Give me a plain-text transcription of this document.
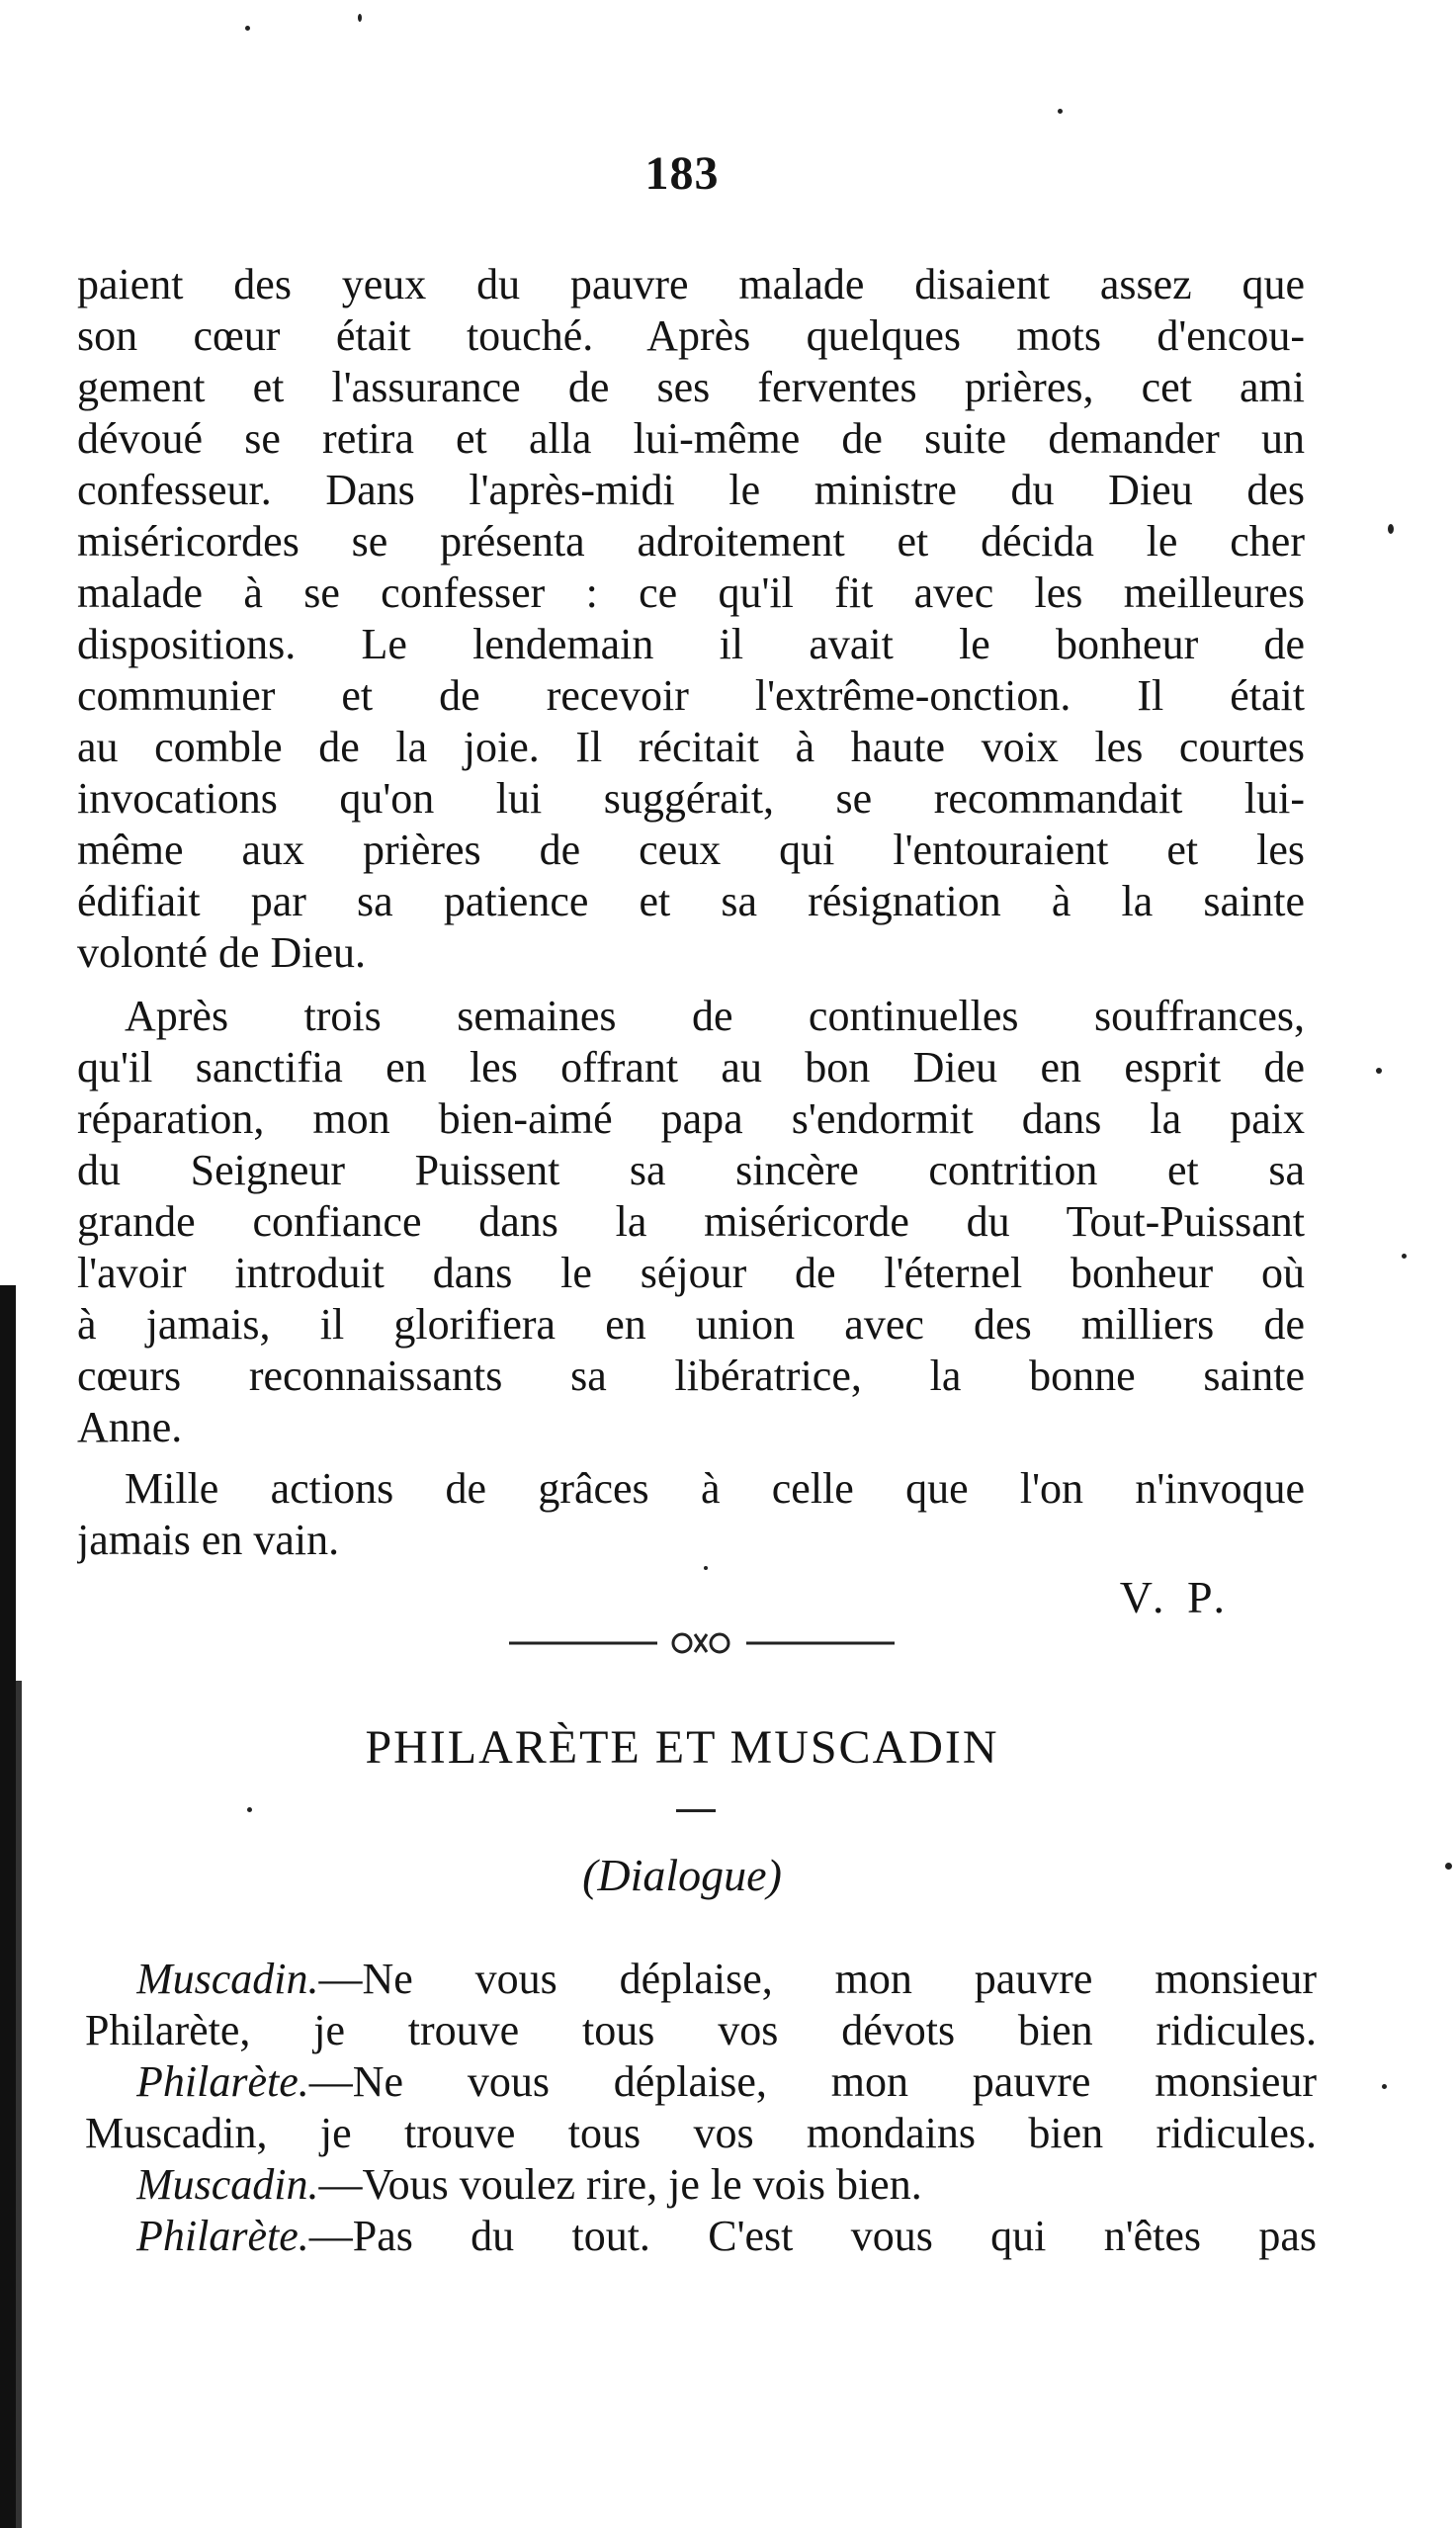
183

paient des yeux du pauvre malade disaient assez que

son cœur était touché. Après quelques mots d'encou-

gement et l'assurance de ses ferventes prières, cet ami

dévoué se retira et alla lui-même de suite demander un

confesseur. Dans l'après-midi le ministre du Dieu des

miséricordes se présenta adroitement et décida le cher

malade à se confesser : ce qu'il fit avec les meilleures

dispositions. Le lendemain il avait le bonheur de

communier et de recevoir l'extrême-onction. Il était

au comble de la joie. Il récitait à haute voix les courtes

invocations qu'on lui suggérait, se recommandait lui-

même aux prières de ceux qui l'entouraient et les

édifiait par sa patience et sa résignation à la sainte

volonté de Dieu.

Après trois semaines de continuelles souffrances,

qu'il sanctifia en les offrant au bon Dieu en esprit de

réparation, mon bien-aimé papa s'endormit dans la paix

du Seigneur Puissent sa sincère contrition et sa

grande confiance dans la miséricorde du Tout-Puissant

l'avoir introduit dans le séjour de l'éternel bonheur où

à jamais, il glorifiera en union avec des milliers de

cœurs reconnaissants sa libératrice, la bonne sainte

Anne.

Mille actions de grâces à celle que l'on n'invoque

jamais en vain.

V. P.
PHILARÈTE ET MUSCADIN
(Dialogue)

Muscadin.—Ne vous déplaise, mon pauvre monsieur

Philarète, je trouve tous vos dévots bien ridicules.

Philarète.—Ne vous déplaise, mon pauvre monsieur

Muscadin, je trouve tous vos mondains bien ridicules.

Muscadin.—Vous voulez rire, je le vois bien.

Philarète.—Pas du tout. C'est vous qui n'êtes pas
